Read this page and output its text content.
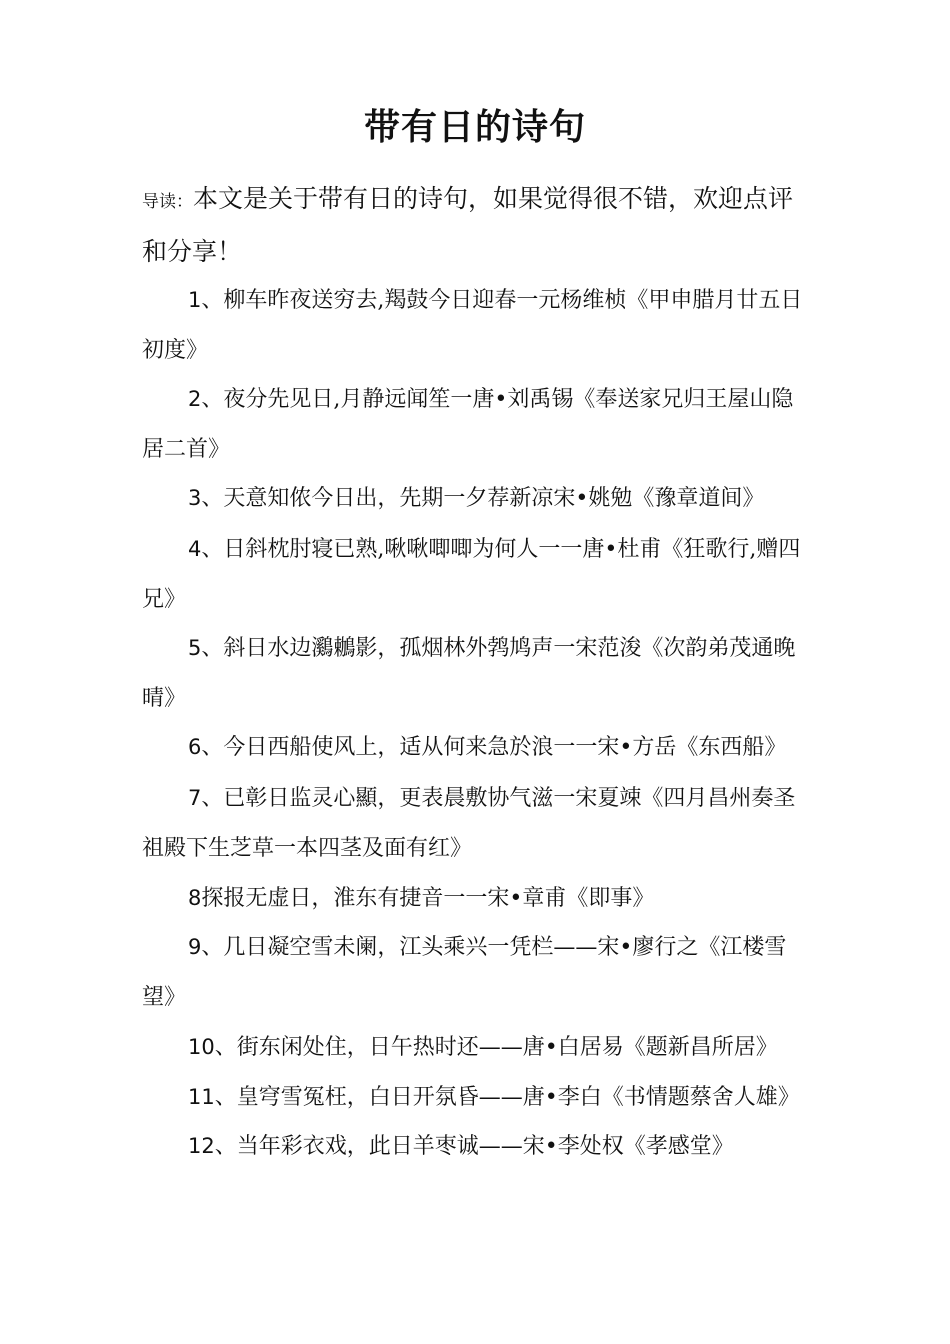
带有日的诗句
导读：本文是关于带有日的诗句，如果觉得很不错，欢迎点评和分享！

1、柳车昨夜送穷去,羯鼓今日迎春一元杨维桢《甲申腊月廿五日初度》

2、夜分先见日,月静远闻笙一唐•刘禹锡《奉送家兄归王屋山隐居二首》

3、天意知侬今日出，先期一夕荐新凉宋•姚勉《豫章道间》

4、日斜枕肘寝已熟,啾啾唧唧为何人一一唐•杜甫《狂歌行,赠四兄》

5、斜日水边鸂鶒影，孤烟林外鹁鸠声一宋范浚《次韵弟茂通晚晴》

6、今日西船使风上，适从何来急於浪一一宋•方岳《东西船》

7、已彰日监灵心顯，更表晨敷协气滋一宋夏竦《四月昌州奏圣祖殿下生芝草一本四茎及面有红》

8探报无虚日，淮东有捷音一一宋•章甫《即事》

9、几日凝空雪未阑，江头乘兴一凭栏——宋•廖行之《江楼雪望》

10、街东闲处住，日午热时还——唐•白居易《题新昌所居》

11、皇穹雪冤枉，白日开氛昏——唐•李白《书情题蔡舍人雄》

12、当年彩衣戏，此日羊枣诚——宋•李处权《孝感堂》
